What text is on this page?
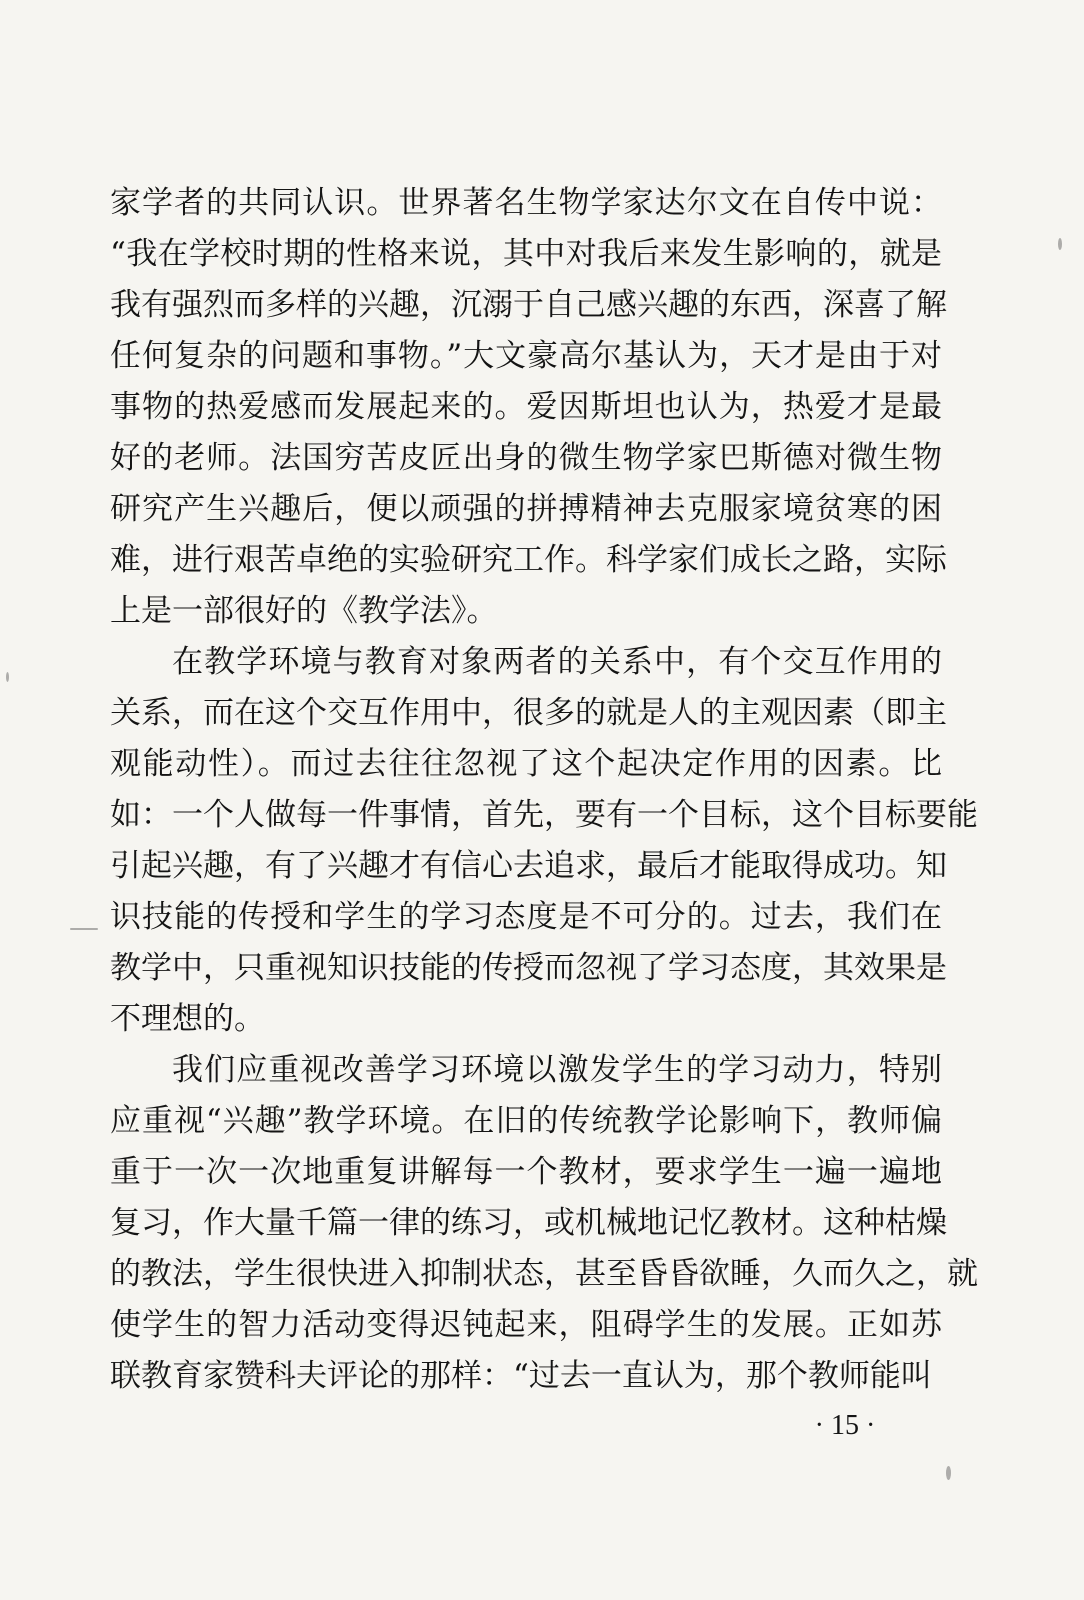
家学者的共同认识。世界著名生物学家达尔文在自传中说：
“我在学校时期的性格来说，其中对我后来发生影响的，就是
我有强烈而多样的兴趣，沉溺于自己感兴趣的东西，深喜了解
任何复杂的问题和事物。”大文豪高尔基认为，天才是由于对
事物的热爱感而发展起来的。爱因斯坦也认为，热爱才是最
好的老师。法国穷苦皮匠出身的微生物学家巴斯德对微生物
研究产生兴趣后，便以顽强的拼搏精神去克服家境贫寒的困
难，进行艰苦卓绝的实验研究工作。科学家们成长之路，实际
上是一部很好的《教学法》。
在教学环境与教育对象两者的关系中，有个交互作用的
关系，而在这个交互作用中，很多的就是人的主观因素（即主
观能动性）。而过去往往忽视了这个起决定作用的因素。比
如：一个人做每一件事情，首先，要有一个目标，这个目标要能
引起兴趣，有了兴趣才有信心去追求，最后才能取得成功。知
识技能的传授和学生的学习态度是不可分的。过去，我们在
教学中，只重视知识技能的传授而忽视了学习态度，其效果是
不理想的。
我们应重视改善学习环境以激发学生的学习动力，特别
应重视“兴趣”教学环境。在旧的传统教学论影响下，教师偏
重于一次一次地重复讲解每一个教材，要求学生一遍一遍地
复习，作大量千篇一律的练习，或机械地记忆教材。这种枯燥
的教法，学生很快进入抑制状态，甚至昏昏欲睡，久而久之，就
使学生的智力活动变得迟钝起来，阻碍学生的发展。正如苏
联教育家赞科夫评论的那样：“过去一直认为，那个教师能叫
· 15 ·
